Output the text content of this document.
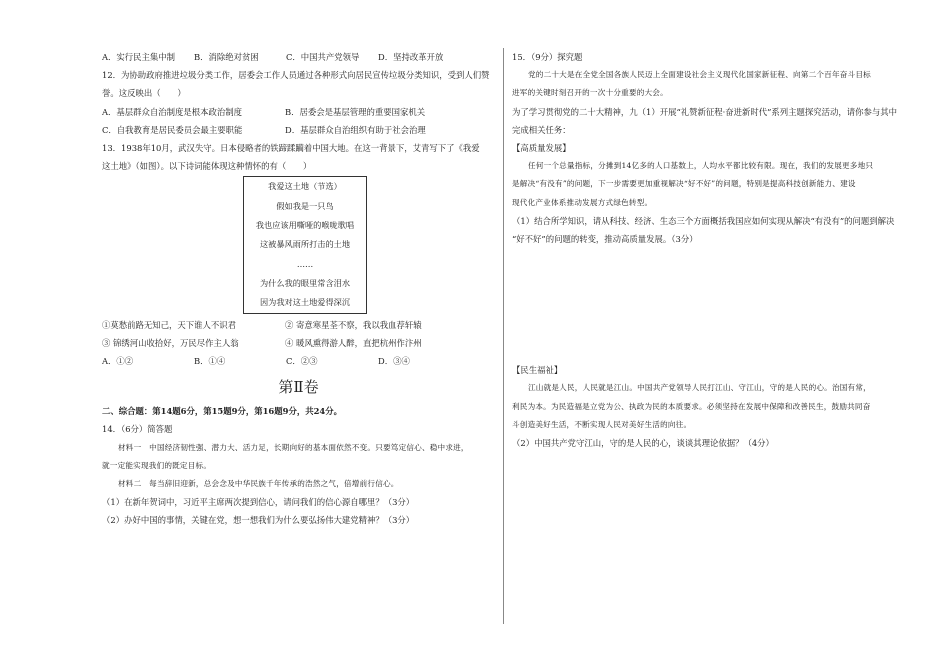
A．实行民主集中制	B．消除绝对贫困	C．中国共产党领导	D．坚持改革开放
12．为协助政府推进垃圾分类工作，居委会工作人员通过各种形式向居民宣传垃圾分类知识，受到人们赞
誉。这反映出（　　）
A．基层群众自治制度是根本政治制度	B．居委会是基层管理的重要国家机关
C．自我教育是居民委员会最主要职能	D．基层群众自治组织有助于社会治理
13．1938年10月，武汉失守。日本侵略者的铁蹄蹂躏着中国大地。在这一背景下，艾青写下了《我爱
这土地》（如图）。以下诗词能体现这种情怀的有（　　）
我爱这土地（节选）
假如我是一只鸟
我也应该用嘶哑的喉咙歌唱
这被暴风雨所打击的土地
……
为什么我的眼里常含泪水
因为我对这土地爱得深沉
①莫愁前路无知己，天下谁人不识君	② 寄意寒星荃不察，我以我血荐轩辕
③ 锦绣河山收拾好，万民尽作主人翁	④ 暖风熏得游人醉，直把杭州作汴州
A．①②	B．①④	C．②③	D．③④
第Ⅱ卷
二、综合题：第14题6分，第15题9分，第16题9分，共24分。
14．（6分）简答题
材料一　中国经济韧性强、潜力大、活力足，长期向好的基本面依然不变。只要笃定信心、稳中求进，
就一定能实现我们的既定目标。
材料二　每当辞旧迎新，总会念及中华民族千年传承的浩然之气，倍增前行信心。
（1）在新年贺词中，习近平主席两次提到信心，请问我们的信心源自哪里？（3分）
（2）办好中国的事情，关键在党，想一想我们为什么要弘扬伟大建党精神？（3分）
15．（9分）探究题
党的二十大是在全党全国各族人民迈上全面建设社会主义现代化国家新征程、向第二个百年奋斗目标
进军的关键时刻召开的一次十分重要的大会。
为了学习贯彻党的二十大精神，九（1）开展“礼赞新征程·奋进新时代”系列主题探究活动，请你参与其中
完成相关任务：
【高质量发展】
任何一个总量指标，分摊到14亿多的人口基数上，人均水平都比较有限。现在，我们的发展更多地只
是解决“有没有”的问题，下一步需要更加重视解决“好不好”的问题，特别是提高科技创新能力、建设
现代化产业体系推动发展方式绿色转型。
（1）结合所学知识，请从科技、经济、生态三个方面概括我国应如何实现从解决“有没有”的问题到解决
“好不好”的问题的转变，推动高质量发展。（3分）
【民生福祉】
江山就是人民，人民就是江山。中国共产党领导人民打江山、守江山，守的是人民的心。治国有常，
利民为本。为民造福是立党为公、执政为民的本质要求。必须坚持在发展中保障和改善民生，鼓励共同奋
斗创造美好生活，不断实现人民对美好生活的向往。
（2）中国共产党守江山，守的是人民的心，谈谈其理论依据？（4分）
